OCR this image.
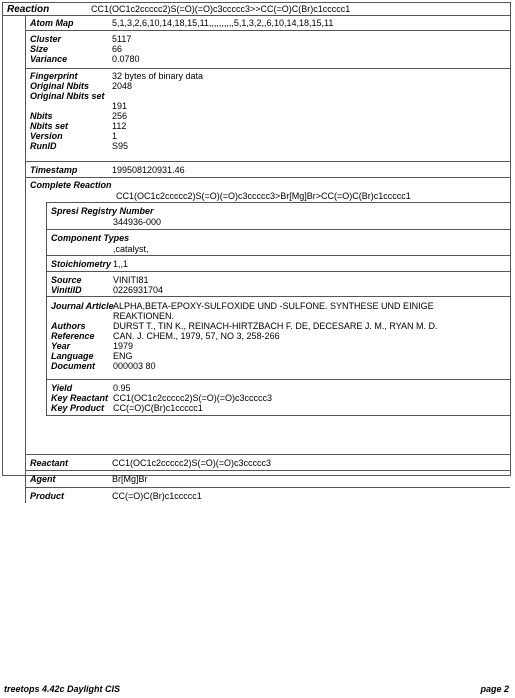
Reaction	CC1(OC1c2ccccc2)S(=O)(=O)c3ccccc3>>CC(=O)C(Br)c1ccccc1
Atom Map	5,1,3,2,6,10,14,18,15,11,,,,,,,,,,5,1,3,2,,6,10,14,18,15,11
Cluster	5117
Size	66
Variance	0.0780
Fingerprint	32 bytes of binary data
Original Nbits	2048
Original Nbits set
191
Nbits	256
Nbits set	112
Version	1
RunID	S95
Timestamp	199508120931.46
Complete Reaction
CC1(OC1c2ccccc2)S(=O)(=O)c3ccccc3>Br[Mg]Br>CC(=O)C(Br)c1ccccc1
Spresi Registry Number
344936-000
Component Types
,catalyst,
Stoichiometry 1,,1
Source	VINITI81
VinitiID	0226931704
Journal Article ALPHA,BETA-EPOXY-SULFOXIDE UND -SULFONE. SYNTHESE UND EINIGE
REAKTIONEN.
Authors	DURST T., TIN K., REINACH-HIRTZBACH F. DE, DECESARE J. M., RYAN M. D.
Reference CAN. J. CHEM., 1979, 57, NO 3, 258-266
Year	1979
Language ENG
Document 000003 80
Yield	0.95
Key Reactant CC1(OC1c2ccccc2)S(=O)(=O)c3ccccc3
Key Product CC(=O)C(Br)c1ccccc1
Reactant	CC1(OC1c2ccccc2)S(=O)(=O)c3ccccc3
Agent	Br[Mg]Br
Product	CC(=O)C(Br)c1ccccc1
treetops 4.42c Daylight CIS	page 2
